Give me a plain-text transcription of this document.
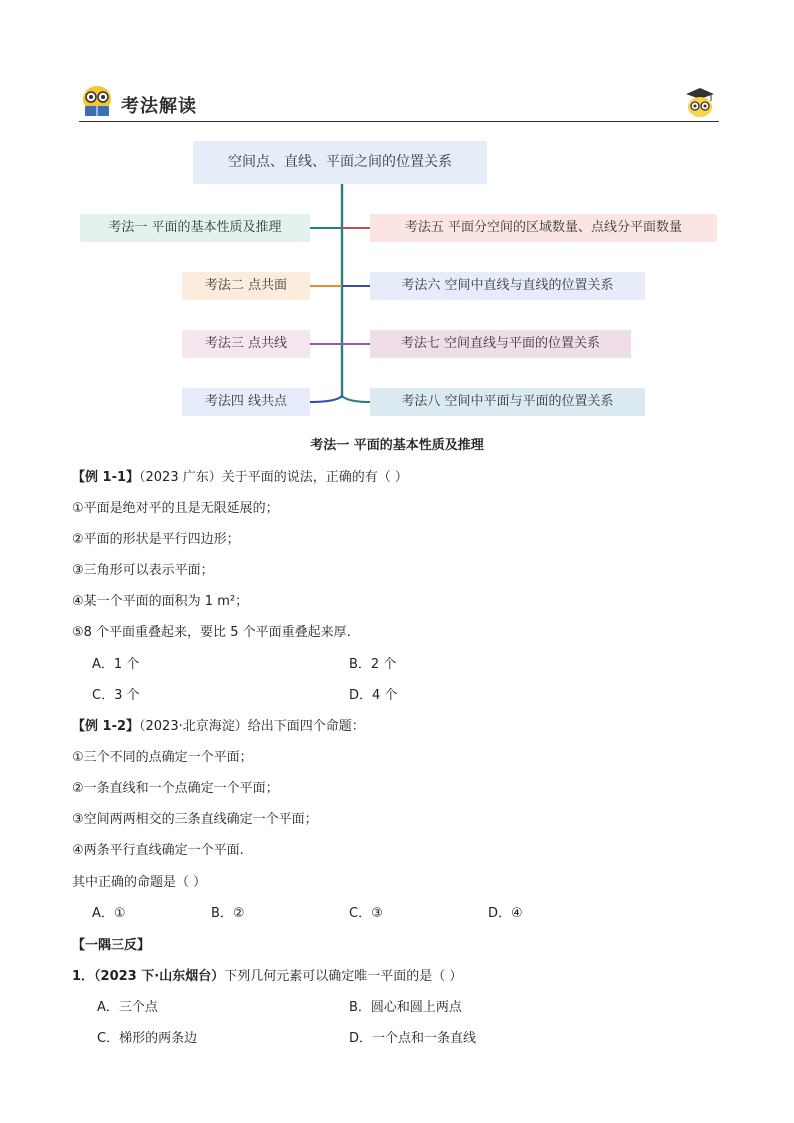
考法解读
空间点、直线、平面之间的位置关系
考法一 平面的基本性质及推理
考法二 点共面
考法三 点共线
考法四 线共点
考法五 平面分空间的区域数量、点线分平面数量
考法六 空间中直线与直线的位置关系
考法七 空间直线与平面的位置关系
考法八 空间中平面与平面的位置关系
考法一 平面的基本性质及推理
【例 1-1】（2023 广东）关于平面的说法，正确的有（ ）
①平面是绝对平的且是无限延展的；
②平面的形状是平行四边形；
③三角形可以表示平面；
④某一个平面的面积为 1 m²；
⑤8 个平面重叠起来，要比 5 个平面重叠起来厚.
A．1 个	B．2 个
C．3 个	D．4 个
【例 1-2】（2023·北京海淀）给出下面四个命题：
①三个不同的点确定一个平面；
②一条直线和一个点确定一个平面；
③空间两两相交的三条直线确定一个平面；
④两条平行直线确定一个平面.
其中正确的命题是（ ）
A．①	B．②	C．③	D．④
【一隅三反】
1．（2023 下·山东烟台）下列几何元素可以确定唯一平面的是（ ）
A．三个点	B．圆心和圆上两点
C．梯形的两条边	D．一个点和一条直线
